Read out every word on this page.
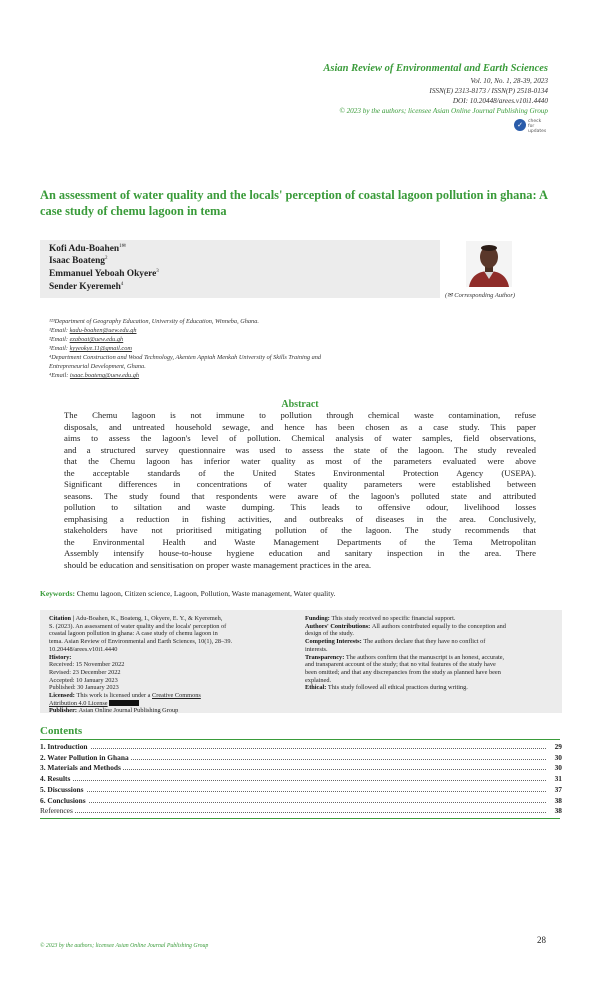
Asian Review of Environmental and Earth Sciences
Vol. 10, No. 1, 28-39, 2023
ISSN(E) 2313-8173 / ISSN(P) 2518-0134
DOI: 10.20448/arees.v10i1.4440
© 2023 by the authors; licensee Asian Online Journal Publishing Group
✓	check for updates
An assessment of water quality and the locals' perception of coastal lagoon pollution in ghana: A case study of chemu lagoon in tema
Kofi Adu-Boahen$^{1✉}$
Isaac Boateng$^2$
Emmanuel Yeboah Okyere$^3$
Sender Kyeremeh$^4$
(✉ Corresponding Author)
¹²³Department of Geography Education, University of Education, Winneba, Ghana.
¹Email: kadu-boahen@uew.edu.gh
²Email: ezaboat@uew.edu.gh
³Email: kyyeokye.11@gmail.com
⁴Department Construction and Wood Technology, Akenten Appiah Menkah University of Skills Training and
Entrepreneurial Development, Ghana.
⁴Email: isaac.boateng@uew.edu.gh
Abstract
The Chemu lagoon is not immune to pollution through chemical waste contamination, refuse
disposals, and untreated household sewage, and hence has been chosen as a case study. This paper
aims to assess the lagoon's level of pollution. Chemical analysis of water samples, field observations,
and a structured survey questionnaire was used to assess the state of the lagoon. The study revealed
that the Chemu lagoon has inferior water quality as most of the parameters evaluated were above
the acceptable standards of the United States Environmental Protection Agency (USEPA).
Significant differences in concentrations of water quality parameters were established between
seasons. The study found that respondents were aware of the lagoon's polluted state and attributed
pollution to siltation and waste dumping. This leads to offensive odour, livelihood losses
emphasising a reduction in fishing activities, and outbreaks of diseases in the area. Conclusively,
stakeholders have not prioritised mitigating pollution of the lagoon. The study recommends that
the Environmental Health and Waste Management Departments of the Tema Metropolitan
Assembly intensify house-to-house hygiene education and sanitary inspection in the area. There
should be education and sensitisation on proper waste management practices in the area.
Keywords: Chemu lagoon, Citizen science, Lagoon, Pollution, Waste management, Water quality.
Citation | Adu-Boahen, K., Boateng, I., Okyere, E. Y., & Kyeremeh,
S. (2023). An assessment of water quality and the locals' perception of
coastal lagoon pollution in ghana: A case study of chemu lagoon in
tema. Asian Review of Environmental and Earth Sciences, 10(1), 28–39.
10.20448/arees.v10i1.4440
History:
Received: 15 November 2022
Revised: 23 December 2022
Accepted: 10 January 2023
Published: 30 January 2023
Licensed: This work is licensed under a Creative Commons
Attribution 4.0 License
Publisher: Asian Online Journal Publishing Group
Funding: This study received no specific financial support.
Authors' Contributions: All authors contributed equally to the conception and
design of the study.
Competing Interests: The authors declare that they have no conflict of
interests.
Transparency: The authors confirm that the manuscript is an honest, accurate,
and transparent account of the study; that no vital features of the study have
been omitted; and that any discrepancies from the study as planned have been
explained.
Ethical: This study followed all ethical practices during writing.
Contents
1. Introduction	29
2. Water Pollution in Ghana	30
3. Materials and Methods	30
4. Results	31
5. Discussions	37
6. Conclusions	38
References	38
© 2023 by the authors; licensee Asian Online Journal Publishing Group
28
